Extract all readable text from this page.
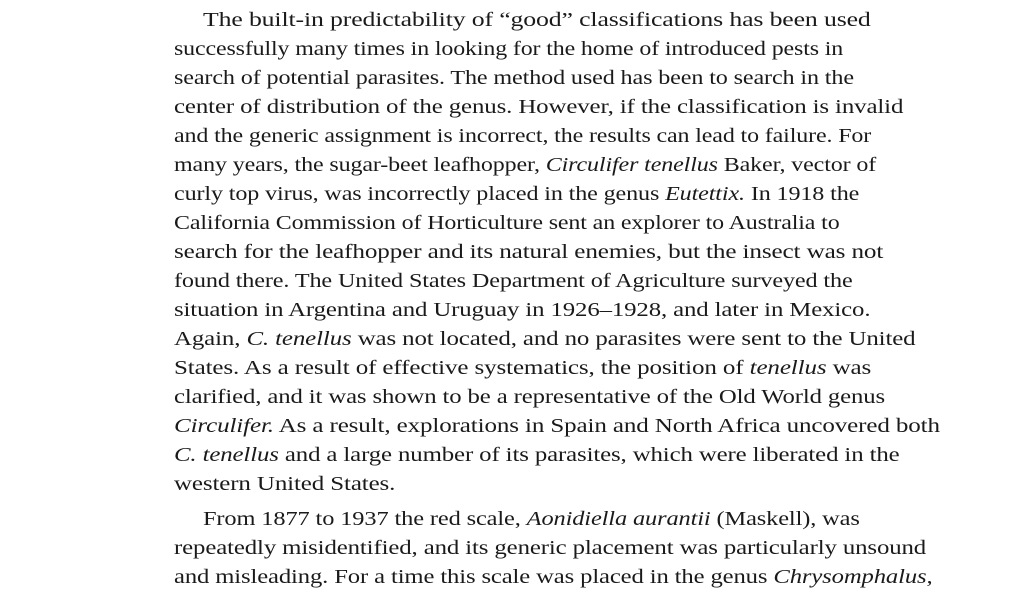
The built-in predictability of “good” classifications has been used
successfully many times in looking for the home of introduced pests in
search of potential parasites. The method used has been to search in the
center of distribution of the genus. However, if the classification is invalid
and the generic assignment is incorrect, the results can lead to failure. For
many years, the sugar-beet leafhopper, Circulifer tenellus Baker, vector of
curly top virus, was incorrectly placed in the genus Eutettix. In 1918 the
California Commission of Horticulture sent an explorer to Australia to
search for the leafhopper and its natural enemies, but the insect was not
found there. The United States Department of Agriculture surveyed the
situation in Argentina and Uruguay in 1926–1928, and later in Mexico.
Again, C. tenellus was not located, and no parasites were sent to the United
States. As a result of effective systematics, the position of tenellus was
clarified, and it was shown to be a representative of the Old World genus
Circulifer. As a result, explorations in Spain and North Africa uncovered both
C. tenellus and a large number of its parasites, which were liberated in the
western United States.
From 1877 to 1937 the red scale, Aonidiella aurantii (Maskell), was
repeatedly misidentified, and its generic placement was particularly unsound
and misleading. For a time this scale was placed in the genus Chrysomphalus,
